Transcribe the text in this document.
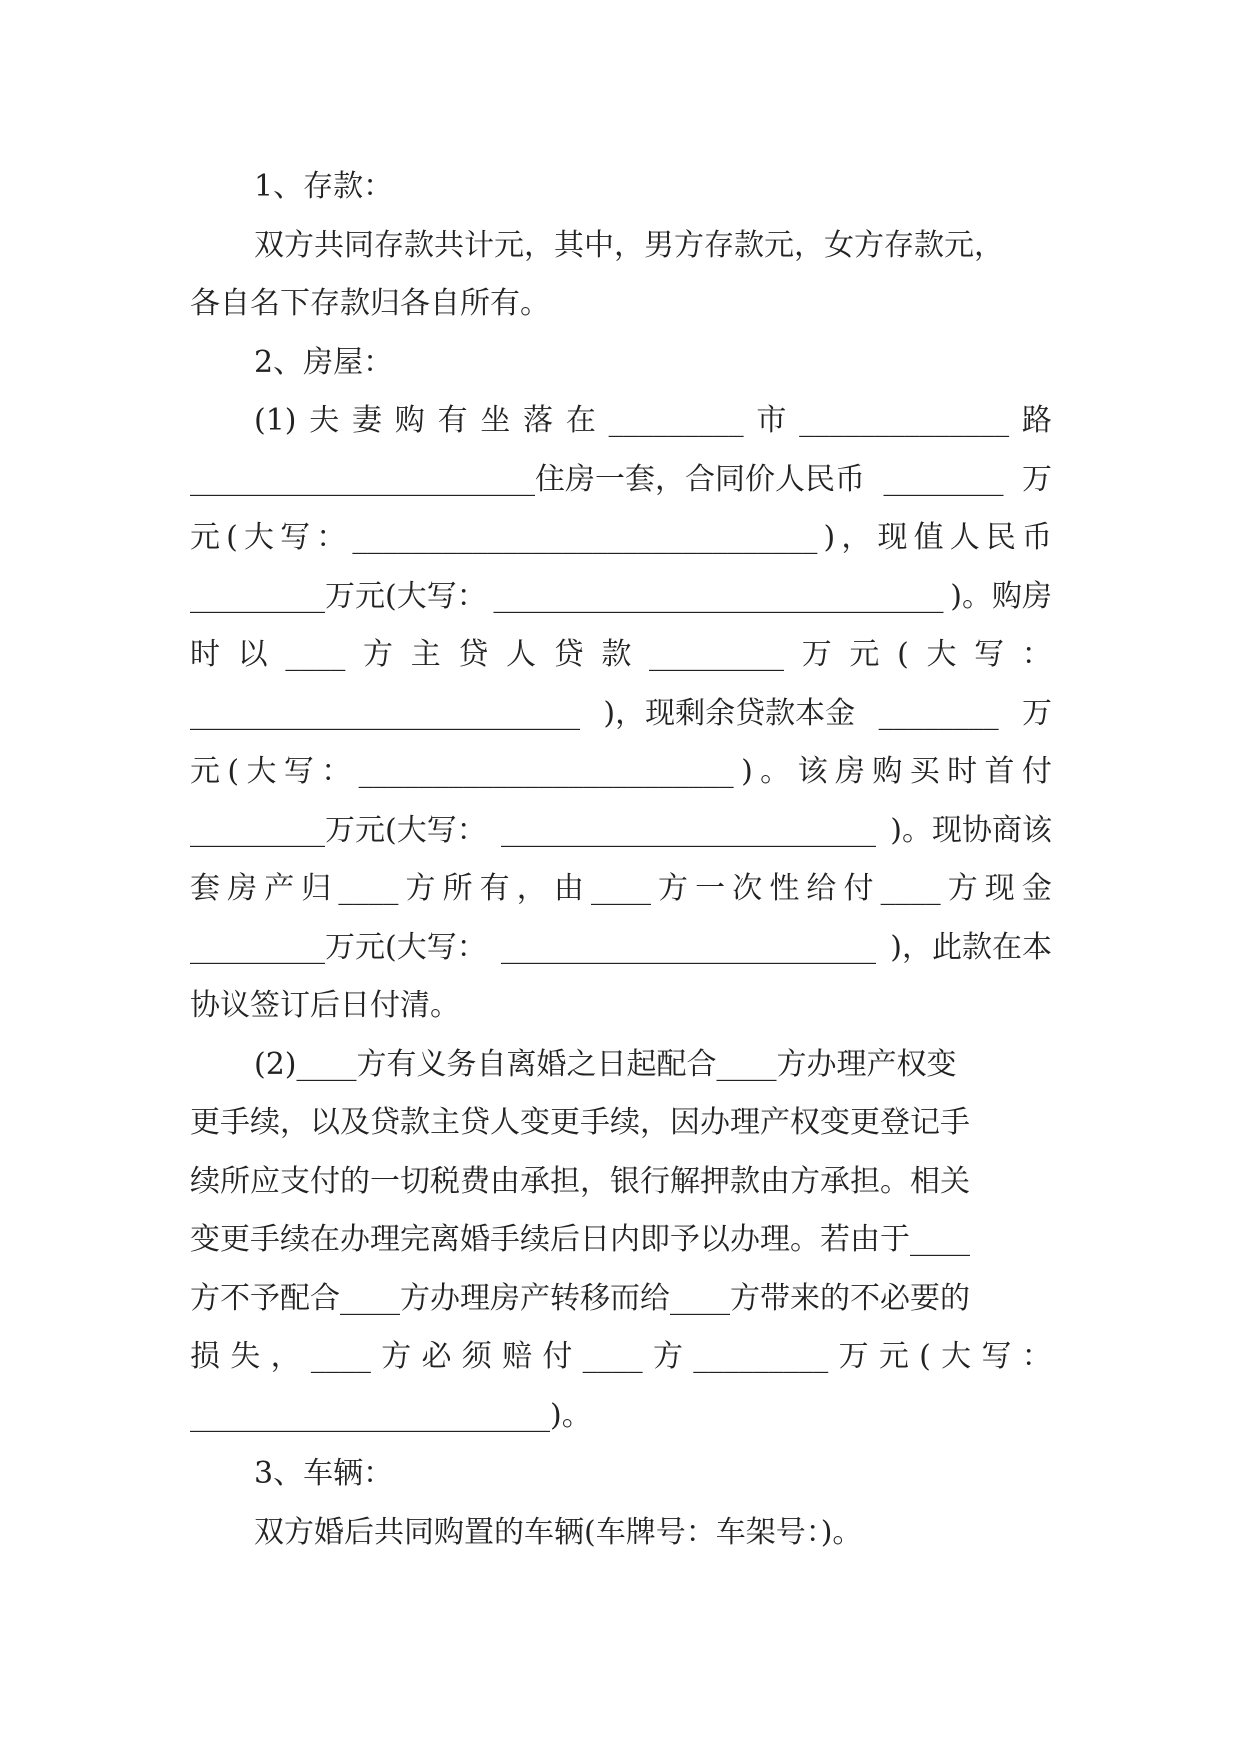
1、存款：
双方共同存款共计元，其中，男方存款元，女方存款元，
各自名下存款归各自所有。
2、房屋：
(1) 夫 妻 购 有 坐 落 在 _________ 市 ______________ 路
_______________________住房一套，合同价人民币 ________ 万
元 ( 大 写 ： _______________________________ ) ， 现 值 人 民 币
_________万元(大写： ______________________________ )。购房
时 以 ____ 方 主 贷 人 贷 款 _________ 万 元 ( 大 写 ：
__________________________ )，现剩余贷款本金 ________ 万
元 ( 大 写 ： _________________________ ) 。 该 房 购 买 时 首 付
_________万元(大写： _________________________ )。现协商该
套 房 产 归 ____ 方 所 有 ， 由 ____ 方 一 次 性 给 付 ____ 方 现 金
_________万元(大写： _________________________ )，此款在本
协议签订后日付清。
(2)____方有义务自离婚之日起配合____方办理产权变
更手续，以及贷款主贷人变更手续，因办理产权变更登记手
续所应支付的一切税费由承担，银行解押款由方承担。相关
变更手续在办理完离婚手续后日内即予以办理。若由于____
方不予配合____方办理房产转移而给____方带来的不必要的
损 失 ， ____ 方 必 须 赔 付 ____ 方 _________ 万 元 ( 大 写 ：
________________________)。
3、车辆：
双方婚后共同购置的车辆(车牌号：车架号：)。
